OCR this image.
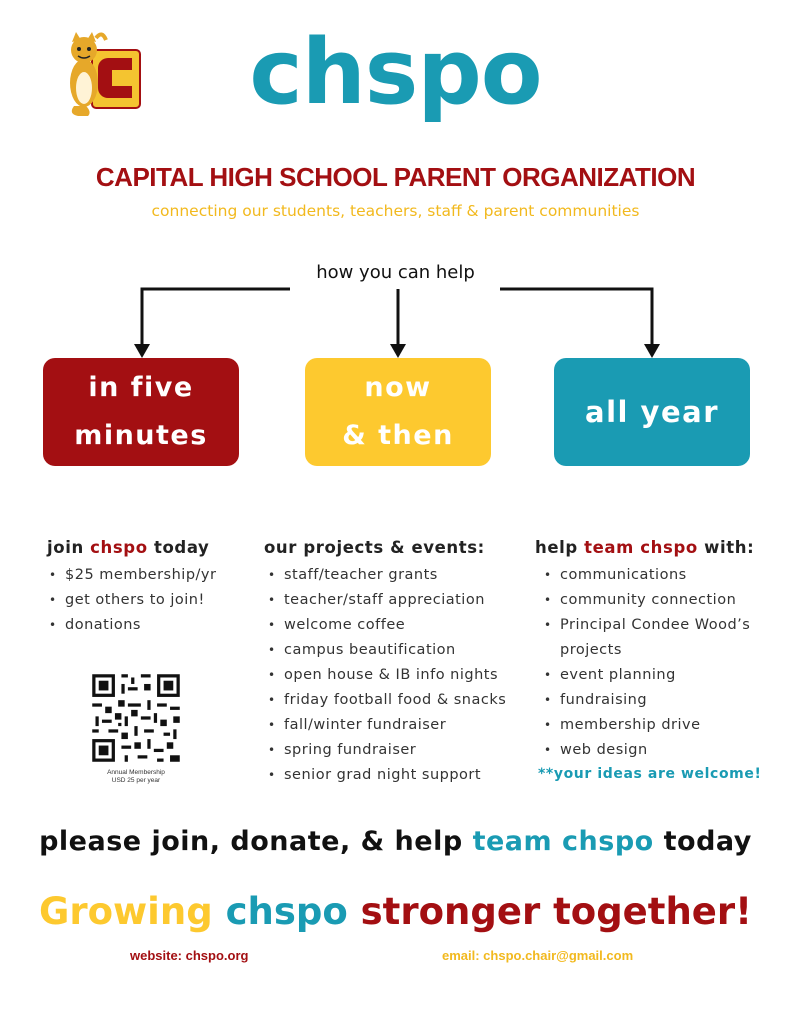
chspo
CAPITAL HIGH SCHOOL PARENT ORGANIZATION
connecting our students, teachers, staff & parent communities
how you can help
in five
minutes
now
& then
all year
join chspo today
• $25 membership/yr
• get others to join!
• donations
Annual Membership
USD 25 per year
our projects & events:
• staff/teacher grants
• teacher/staff appreciation
• welcome coffee
• campus beautification
• open house & IB info nights
• friday football food & snacks
• fall/winter fundraiser
• spring fundraiser
• senior grad night support
help team chspo with:
• communications
• community connection
• Principal Condee Wood’s
projects
• event planning
• fundraising
• membership drive
• web design
**your ideas are welcome!
please join, donate, & help team chspo today
Growing chspo stronger together!
website: chspo.org	email: chspo.chair@gmail.com
